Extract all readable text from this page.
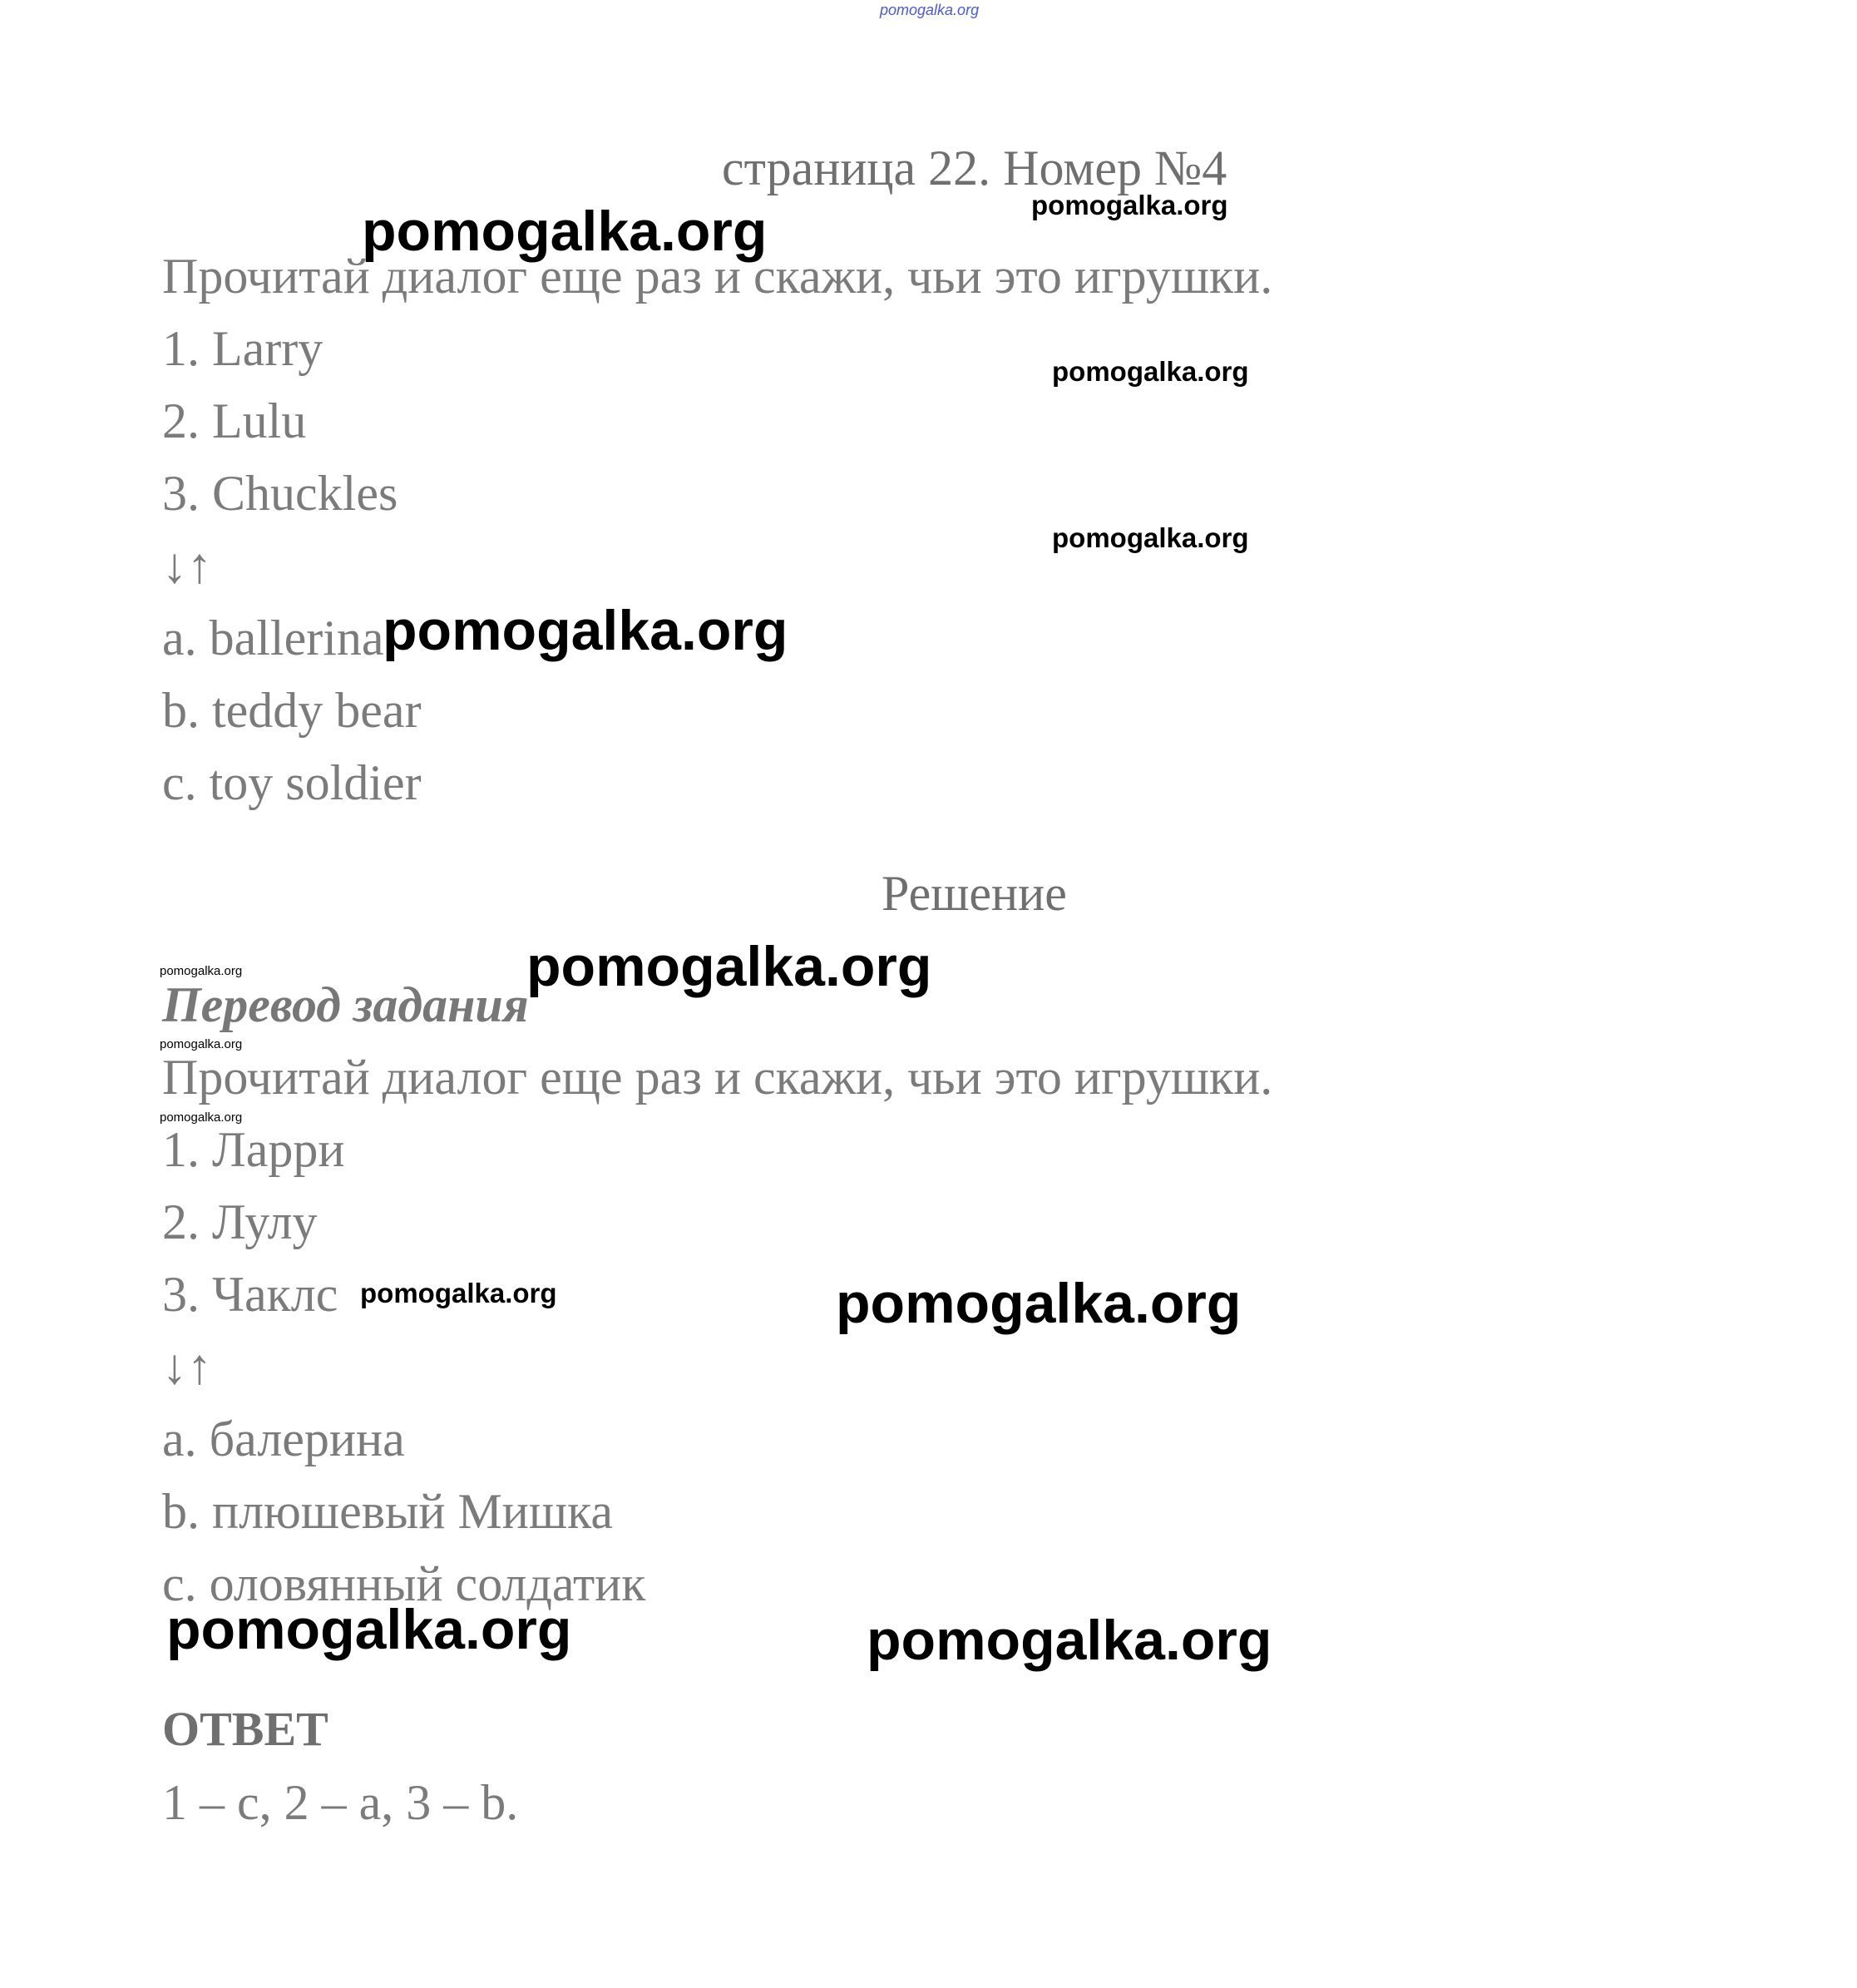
pomogalka.org

страница 22. Номер №4

Прочитай диалог еще раз и скажи, чьи это игрушки.

1. Larry

2. Lulu

3. Chuckles

↓↑

a. ballerina

b. teddy bear

c. toy soldier

Решение

Перевод задания

Прочитай диалог еще раз и скажи, чьи это игрушки.

1. Ларри

2. Лулу

3. Чаклс

↓↑

a. балерина

b. плюшевый Мишка

c. оловянный солдатик

ОТВЕТ

1 – c, 2 – a, 3 – b.

pomogalka.org
pomogalka.org
pomogalka.org
pomogalka.org
pomogalka.org
pomogalka.org	pomogalka.org
pomogalka.org
pomogalka.org
pomogalka.org	pomogalka.org
pomogalka.org	pomogalka.org
